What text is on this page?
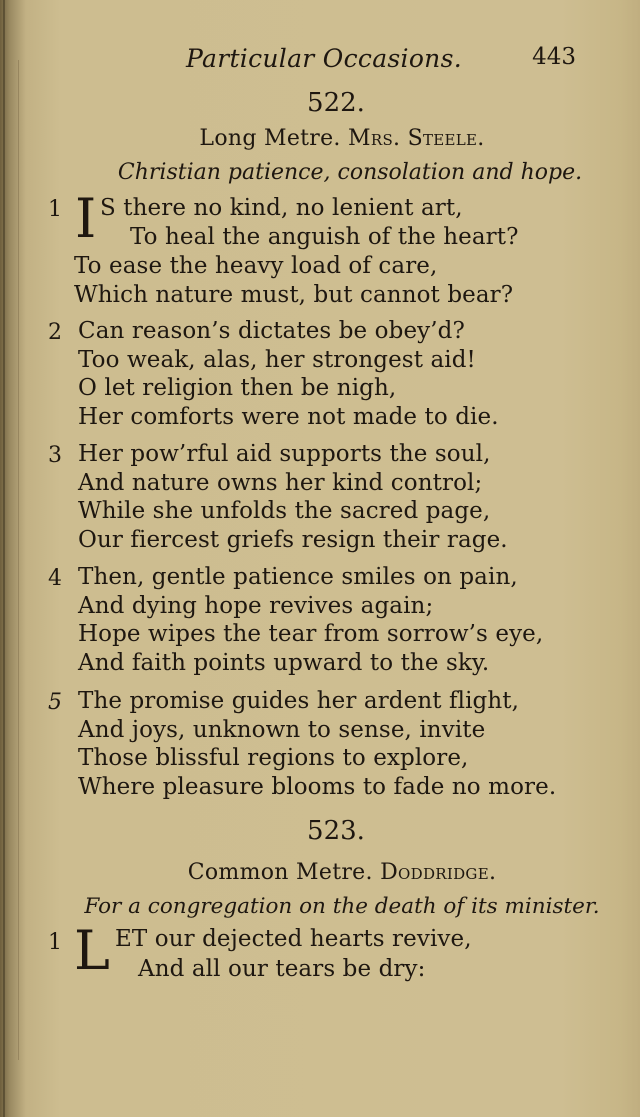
Particular Occasions.	443
522.
Long Metre. Mrs. Steele.
Christian patience, consolation and hope.
1 I S there no kind, no lenient art,
To heal the anguish of the heart?
To ease the heavy load of care,
Which nature must, but cannot bear?
2 Can reason’s dictates be obey’d?
Too weak, alas, her strongest aid!
O let religion then be nigh,
Her comforts were not made to die.
3 Her pow’rful aid supports the soul,
And nature owns her kind control;
While she unfolds the sacred page,
Our fiercest griefs resign their rage.
4 Then, gentle patience smiles on pain,
And dying hope revives again;
Hope wipes the tear from sorrow’s eye,
And faith points upward to the sky.
5 The promise guides her ardent flight,
And joys, unknown to sense, invite
Those blissful regions to explore,
Where pleasure blooms to fade no more.
523.
Common Metre. Doddridge.
For a congregation on the death of its minister.
1 L ET our dejected hearts revive,
And all our tears be dry:
